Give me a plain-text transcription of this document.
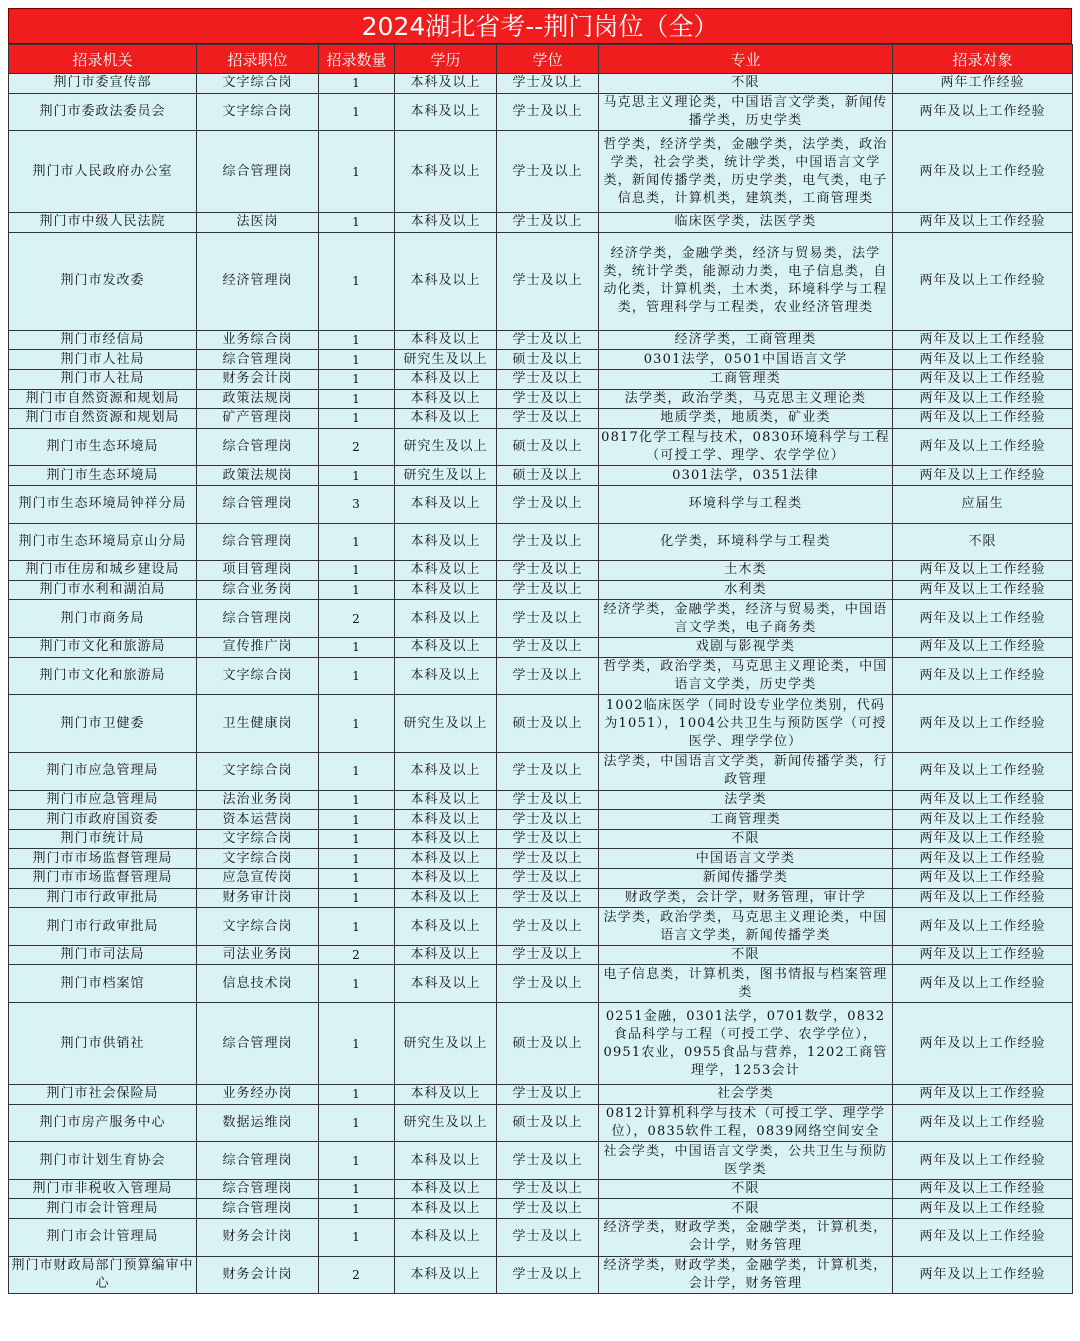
2024湖北省考--荆门岗位（全）
招录机关	招录职位	招录数量	学历	学位	专业	招录对象

荆门市委宣传部	文字综合岗	1	本科及以上	学士及以上	不限	两年工作经验

荆门市委政法委员会	文字综合岗	1	本科及以上	学士及以上	马克思主义理论类，中国语言文学类，新闻传播学类，历史学类	两年及以上工作经验

荆门市人民政府办公室	综合管理岗	1	本科及以上	学士及以上	哲学类，经济学类，金融学类，法学类，政治学类，社会学类，统计学类，中国语言文学类，新闻传播学类，历史学类，电气类，电子信息类，计算机类，建筑类，工商管理类	两年及以上工作经验

荆门市中级人民法院	法医岗	1	本科及以上	学士及以上	临床医学类，法医学类	两年及以上工作经验

荆门市发改委	经济管理岗	1	本科及以上	学士及以上	经济学类，金融学类，经济与贸易类，法学类，统计学类，能源动力类，电子信息类，自动化类，计算机类，土木类，环境科学与工程类，管理科学与工程类，农业经济管理类	两年及以上工作经验

荆门市经信局	业务综合岗	1	本科及以上	学士及以上	经济学类，工商管理类	两年及以上工作经验

荆门市人社局	综合管理岗	1	研究生及以上	硕士及以上	0301法学，0501中国语言文学	两年及以上工作经验

荆门市人社局	财务会计岗	1	本科及以上	学士及以上	工商管理类	两年及以上工作经验

荆门市自然资源和规划局	政策法规岗	1	本科及以上	学士及以上	法学类，政治学类，马克思主义理论类	两年及以上工作经验

荆门市自然资源和规划局	矿产管理岗	1	本科及以上	学士及以上	地质学类，地质类，矿业类	两年及以上工作经验

荆门市生态环境局	综合管理岗	2	研究生及以上	硕士及以上	0817化学工程与技术，0830环境科学与工程（可授工学、理学、农学学位）	两年及以上工作经验

荆门市生态环境局	政策法规岗	1	研究生及以上	硕士及以上	0301法学，0351法律	两年及以上工作经验

荆门市生态环境局钟祥分局	综合管理岗	3	本科及以上	学士及以上	环境科学与工程类	应届生

荆门市生态环境局京山分局	综合管理岗	1	本科及以上	学士及以上	化学类，环境科学与工程类	不限

荆门市住房和城乡建设局	项目管理岗	1	本科及以上	学士及以上	土木类	两年及以上工作经验

荆门市水利和湖泊局	综合业务岗	1	本科及以上	学士及以上	水利类	两年及以上工作经验

荆门市商务局	综合管理岗	2	本科及以上	学士及以上	经济学类，金融学类，经济与贸易类，中国语言文学类，电子商务类	两年及以上工作经验

荆门市文化和旅游局	宣传推广岗	1	本科及以上	学士及以上	戏剧与影视学类	两年及以上工作经验

荆门市文化和旅游局	文字综合岗	1	本科及以上	学士及以上	哲学类，政治学类，马克思主义理论类，中国语言文学类，历史学类	两年及以上工作经验

荆门市卫健委	卫生健康岗	1	研究生及以上	硕士及以上	1002临床医学（同时设专业学位类别，代码为1051），1004公共卫生与预防医学（可授医学、理学学位）	两年及以上工作经验

荆门市应急管理局	文字综合岗	1	本科及以上	学士及以上	法学类，中国语言文学类，新闻传播学类，行政管理	两年及以上工作经验

荆门市应急管理局	法治业务岗	1	本科及以上	学士及以上	法学类	两年及以上工作经验

荆门市政府国资委	资本运营岗	1	本科及以上	学士及以上	工商管理类	两年及以上工作经验

荆门市统计局	文字综合岗	1	本科及以上	学士及以上	不限	两年及以上工作经验

荆门市市场监督管理局	文字综合岗	1	本科及以上	学士及以上	中国语言文学类	两年及以上工作经验

荆门市市场监督管理局	应急宣传岗	1	本科及以上	学士及以上	新闻传播学类	两年及以上工作经验

荆门市行政审批局	财务审计岗	1	本科及以上	学士及以上	财政学类，会计学，财务管理，审计学	两年及以上工作经验

荆门市行政审批局	文字综合岗	1	本科及以上	学士及以上	法学类，政治学类，马克思主义理论类，中国语言文学类，新闻传播学类	两年及以上工作经验

荆门市司法局	司法业务岗	2	本科及以上	学士及以上	不限	两年及以上工作经验

荆门市档案馆	信息技术岗	1	本科及以上	学士及以上	电子信息类，计算机类，图书情报与档案管理类	两年及以上工作经验

荆门市供销社	综合管理岗	1	研究生及以上	硕士及以上	0251金融，0301法学，0701数学，0832食品科学与工程（可授工学、农学学位），0951农业，0955食品与营养，1202工商管理学，1253会计	两年及以上工作经验

荆门市社会保险局	业务经办岗	1	本科及以上	学士及以上	社会学类	两年及以上工作经验

荆门市房产服务中心	数据运维岗	1	研究生及以上	硕士及以上	0812计算机科学与技术（可授工学、理学学位），0835软件工程，0839网络空间安全	两年及以上工作经验

荆门市计划生育协会	综合管理岗	1	本科及以上	学士及以上	社会学类，中国语言文学类，公共卫生与预防医学类	两年及以上工作经验

荆门市非税收入管理局	综合管理岗	1	本科及以上	学士及以上	不限	两年及以上工作经验

荆门市会计管理局	综合管理岗	1	本科及以上	学士及以上	不限	两年及以上工作经验

荆门市会计管理局	财务会计岗	1	本科及以上	学士及以上	经济学类，财政学类，金融学类，计算机类，会计学，财务管理	两年及以上工作经验

荆门市财政局部门预算编审中心	财务会计岗	2	本科及以上	学士及以上	经济学类，财政学类，金融学类，计算机类，会计学，财务管理	两年及以上工作经验
